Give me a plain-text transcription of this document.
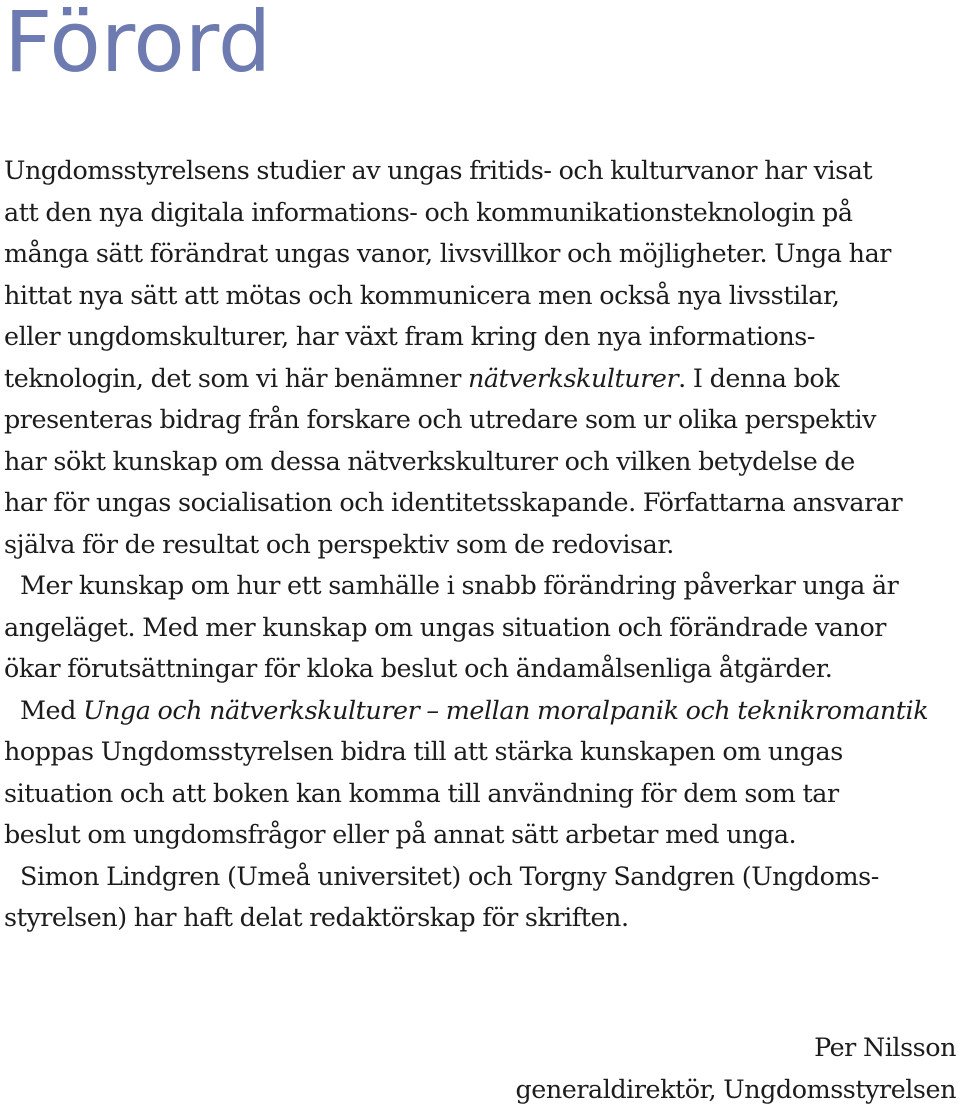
Förord

Ungdomsstyrelsens studier av ungas fritids- och kulturvanor har visat
att den nya digitala informations- och kommunikationsteknologin på
många sätt förändrat ungas vanor, livsvillkor och möjligheter. Unga har
hittat nya sätt att mötas och kommunicera men också nya livsstilar,
eller ungdomskulturer, har växt fram kring den nya informations-
teknologin, det som vi här benämner nätverkskulturer. I denna bok
presenteras bidrag från forskare och utredare som ur olika perspektiv
har sökt kunskap om dessa nätverkskulturer och vilken betydelse de
har för ungas socialisation och identitetsskapande. Författarna ansvarar
själva för de resultat och perspektiv som de redovisar.

Mer kunskap om hur ett samhälle i snabb förändring påverkar unga är
angeläget. Med mer kunskap om ungas situation och förändrade vanor
ökar förutsättningar för kloka beslut och ändamålsenliga åtgärder.

Med Unga och nätverkskulturer – mellan moralpanik och teknikromantik
hoppas Ungdomsstyrelsen bidra till att stärka kunskapen om ungas
situation och att boken kan komma till användning för dem som tar
beslut om ungdomsfrågor eller på annat sätt arbetar med unga.

Simon Lindgren (Umeå universitet) och Torgny Sandgren (Ungdoms-
styrelsen) har haft delat redaktörskap för skriften.

Per Nilsson
generaldirektör, Ungdomsstyrelsen
